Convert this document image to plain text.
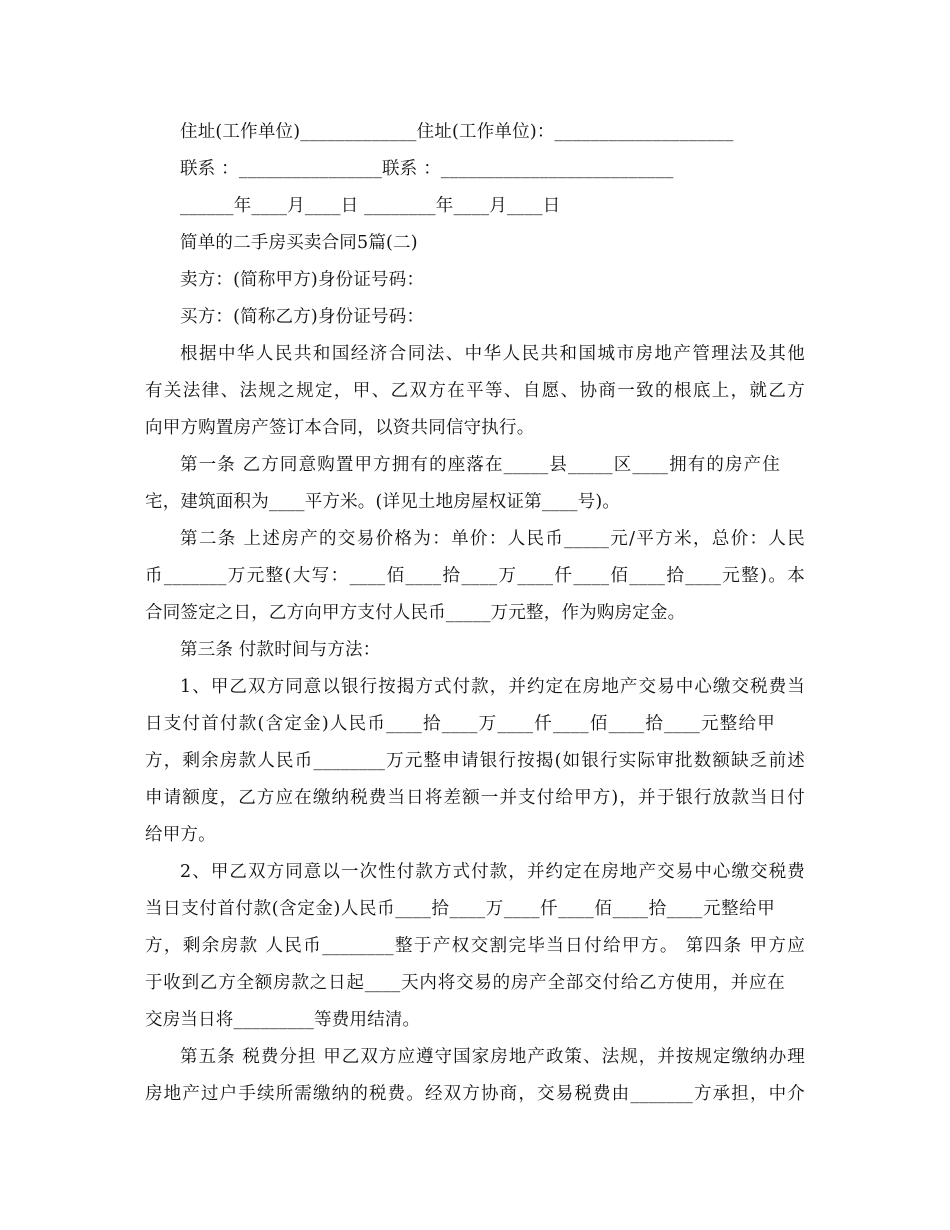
住址(工作单位)_____________住址(工作单位)：____________________
联系 ：________________联系 ：__________________________
______年____月____日 ________年____月____日
简单的二手房买卖合同5篇(二)
卖方：(简称甲方)身份证号码：
买方：(简称乙方)身份证号码：
根据中华人民共和国经济合同法、中华人民共和国城市房地产管理法及其他
有关法律、法规之规定，甲、乙双方在平等、自愿、协商一致的根底上，就乙方
向甲方购置房产签订本合同，以资共同信守执行。
第一条 乙方同意购置甲方拥有的座落在_____县_____区____拥有的房产住
宅，建筑面积为____平方米。(详见土地房屋权证第____号)。
第二条 上述房产的交易价格为：单价：人民币_____元/平方米，总价：人民
币_______万元整(大写：____佰____拾____万____仟____佰____拾____元整)。本
合同签定之日，乙方向甲方支付人民币_____万元整，作为购房定金。
第三条 付款时间与方法：
1、甲乙双方同意以银行按揭方式付款，并约定在房地产交易中心缴交税费当
日支付首付款(含定金)人民币____拾____万____仟____佰____拾____元整给甲
方，剩余房款人民币________万元整申请银行按揭(如银行实际审批数额缺乏前述
申请额度，乙方应在缴纳税费当日将差额一并支付给甲方)，并于银行放款当日付
给甲方。
2、甲乙双方同意以一次性付款方式付款，并约定在房地产交易中心缴交税费
当日支付首付款(含定金)人民币____拾____万____仟____佰____拾____元整给甲
方，剩余房款 人民币________整于产权交割完毕当日付给甲方。 第四条 甲方应
于收到乙方全额房款之日起____天内将交易的房产全部交付给乙方使用，并应在
交房当日将_________等费用结清。
第五条 税费分担 甲乙双方应遵守国家房地产政策、法规，并按规定缴纳办理
房地产过户手续所需缴纳的税费。经双方协商，交易税费由_______方承担，中介
